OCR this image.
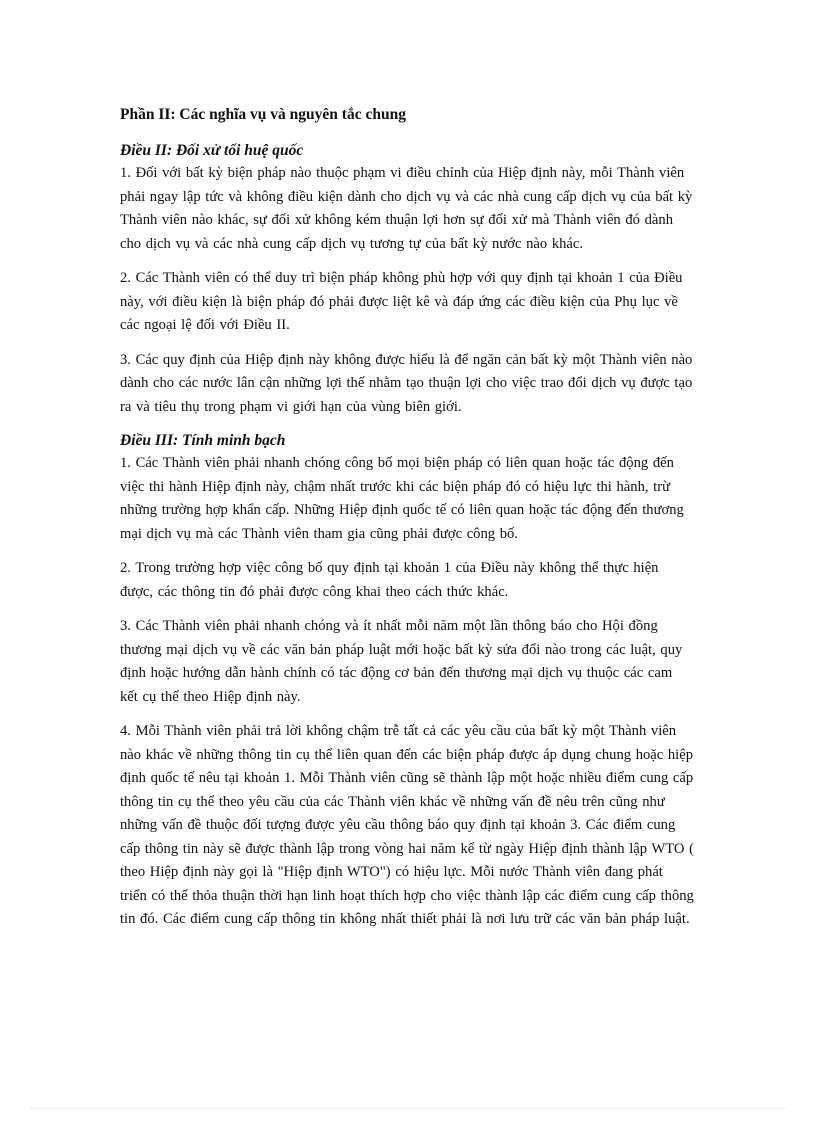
Phần II: Các nghĩa vụ và nguyên tắc chung

Điều II: Đối xử tối huệ quốc

1. Đối với bất kỳ biện pháp nào thuộc phạm vi điều chỉnh của Hiệp định này, mỗi Thành viên phải ngay lập tức và không điều kiện dành cho dịch vụ và các nhà cung cấp dịch vụ của bất kỳ Thành viên nào khác, sự đối xử không kém thuận lợi hơn sự đối xử mà Thành viên đó dành cho dịch vụ và các nhà cung cấp dịch vụ tương tự của bất kỳ nước nào khác.

2. Các Thành viên có thể duy trì biện pháp không phù hợp với quy định tại khoản 1 của Điều này, với điều kiện là biện pháp đó phải được liệt kê và đáp ứng các điều kiện của Phụ lục về các ngoại lệ đối với Điều II.

3. Các quy định của Hiệp định này không được hiểu là để ngăn cản bất kỳ một Thành viên nào dành cho các nước lân cận những lợi thế nhằm tạo thuận lợi cho việc trao đổi dịch vụ được tạo ra và tiêu thụ trong phạm vi giới hạn của vùng biên giới.

Điều III: Tính minh bạch

1. Các Thành viên phải nhanh chóng công bố mọi biện pháp có liên quan hoặc tác động đến việc thi hành Hiệp định này, chậm nhất trước khi các biện pháp đó có hiệu lực thi hành, trừ những trường hợp khẩn cấp. Những Hiệp định quốc tế có liên quan hoặc tác động đến thương mại dịch vụ mà các Thành viên tham gia cũng phải được công bố.

2. Trong trường hợp việc công bố quy định tại khoản 1 của Điều này không thể thực hiện được, các thông tin đó phải được công khai theo cách thức khác.

3. Các Thành viên phải nhanh chóng và ít nhất mỗi năm một lần thông báo cho Hội đồng thương mại dịch vụ về các văn bản pháp luật mới hoặc bất kỳ sửa đổi nào trong các luật, quy định hoặc hướng dẫn hành chính có tác động cơ bản đến thương mại dịch vụ thuộc các cam kết cụ thể theo Hiệp định này.

4. Mỗi Thành viên phải trả lời không chậm trễ tất cả các yêu cầu của bất kỳ một Thành viên nào khác về những thông tin cụ thể liên quan đến các biện pháp được áp dụng chung hoặc hiệp định quốc tế nêu tại khoản 1. Mỗi Thành viên cũng sẽ thành lập một hoặc nhiều điểm cung cấp thông tin cụ thể theo yêu cầu của các Thành viên khác về những vấn đề nêu trên cũng như những vấn đề thuộc đối tượng được yêu cầu thông báo quy định tại khoản 3. Các điểm cung cấp thông tin này sẽ được thành lập trong vòng hai năm kể từ ngày Hiệp định thành lập WTO ( theo Hiệp định này gọi là "Hiệp định WTO") có hiệu lực. Mỗi nước Thành viên đang phát triển có thể thỏa thuận thời hạn linh hoạt thích hợp cho việc thành lập các điểm cung cấp thông tin đó. Các điểm cung cấp thông tin không nhất thiết phải là nơi lưu trữ các văn bản pháp luật.
